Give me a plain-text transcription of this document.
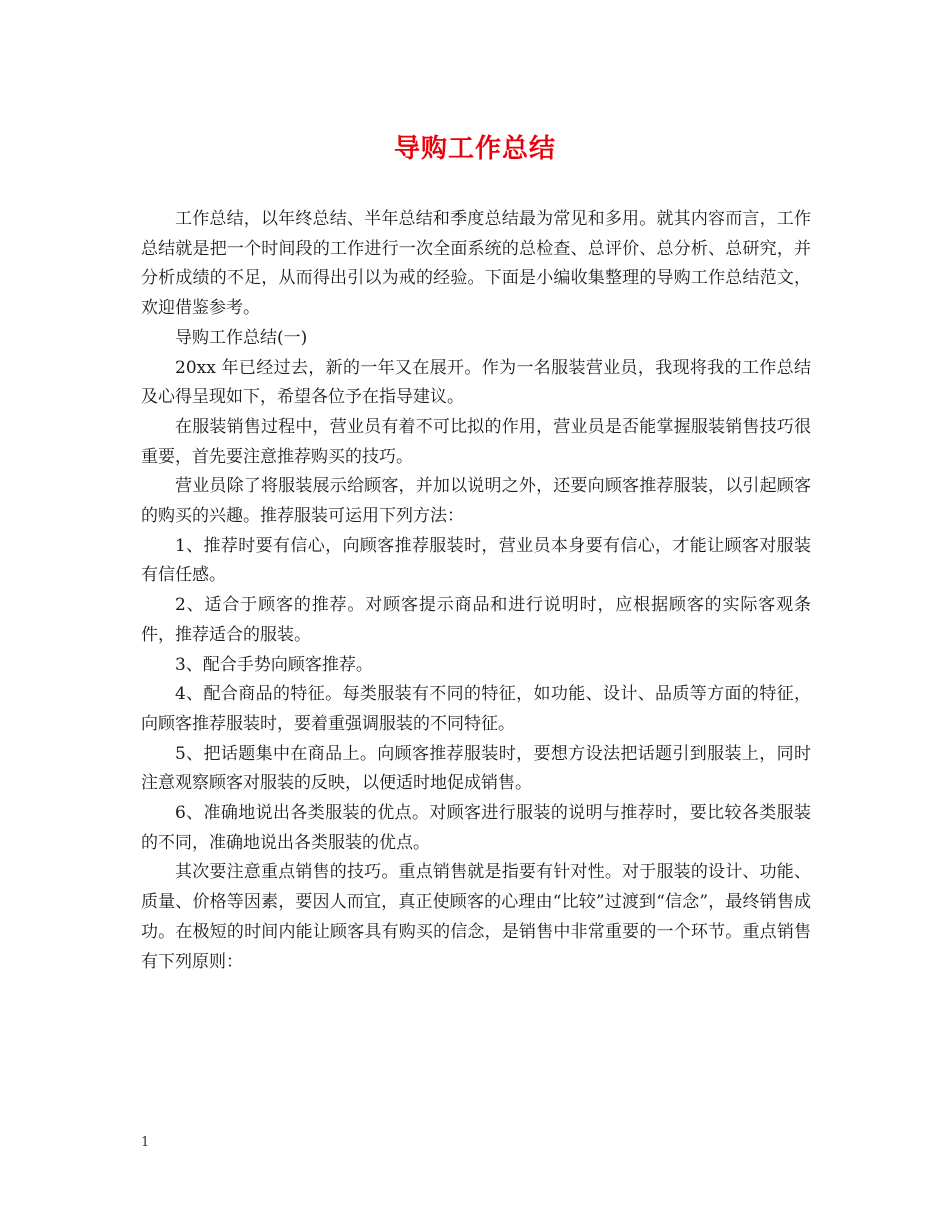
导购工作总结

工作总结，以年终总结、半年总结和季度总结最为常见和多用。就其内容而言，工作总结就是把一个时间段的工作进行一次全面系统的总检查、总评价、总分析、总研究，并分析成绩的不足，从而得出引以为戒的经验。下面是小编收集整理的导购工作总结范文，欢迎借鉴参考。

导购工作总结(一)

20xx 年已经过去，新的一年又在展开。作为一名服装营业员，我现将我的工作总结及心得呈现如下，希望各位予在指导建议。

在服装销售过程中，营业员有着不可比拟的作用，营业员是否能掌握服装销售技巧很重要，首先要注意推荐购买的技巧。

营业员除了将服装展示给顾客，并加以说明之外，还要向顾客推荐服装，以引起顾客的购买的兴趣。推荐服装可运用下列方法：

1、推荐时要有信心，向顾客推荐服装时，营业员本身要有信心，才能让顾客对服装有信任感。

2、适合于顾客的推荐。对顾客提示商品和进行说明时，应根据顾客的实际客观条件，推荐适合的服装。

3、配合手势向顾客推荐。

4、配合商品的特征。每类服装有不同的特征，如功能、设计、品质等方面的特征，向顾客推荐服装时，要着重强调服装的不同特征。

5、把话题集中在商品上。向顾客推荐服装时，要想方设法把话题引到服装上，同时注意观察顾客对服装的反映，以便适时地促成销售。

6、准确地说出各类服装的优点。对顾客进行服装的说明与推荐时，要比较各类服装的不同，准确地说出各类服装的优点。

其次要注意重点销售的技巧。重点销售就是指要有针对性。对于服装的设计、功能、质量、价格等因素，要因人而宜，真正使顾客的心理由“比较”过渡到“信念”，最终销售成功。在极短的时间内能让顾客具有购买的信念，是销售中非常重要的一个环节。重点销售有下列原则：

1
